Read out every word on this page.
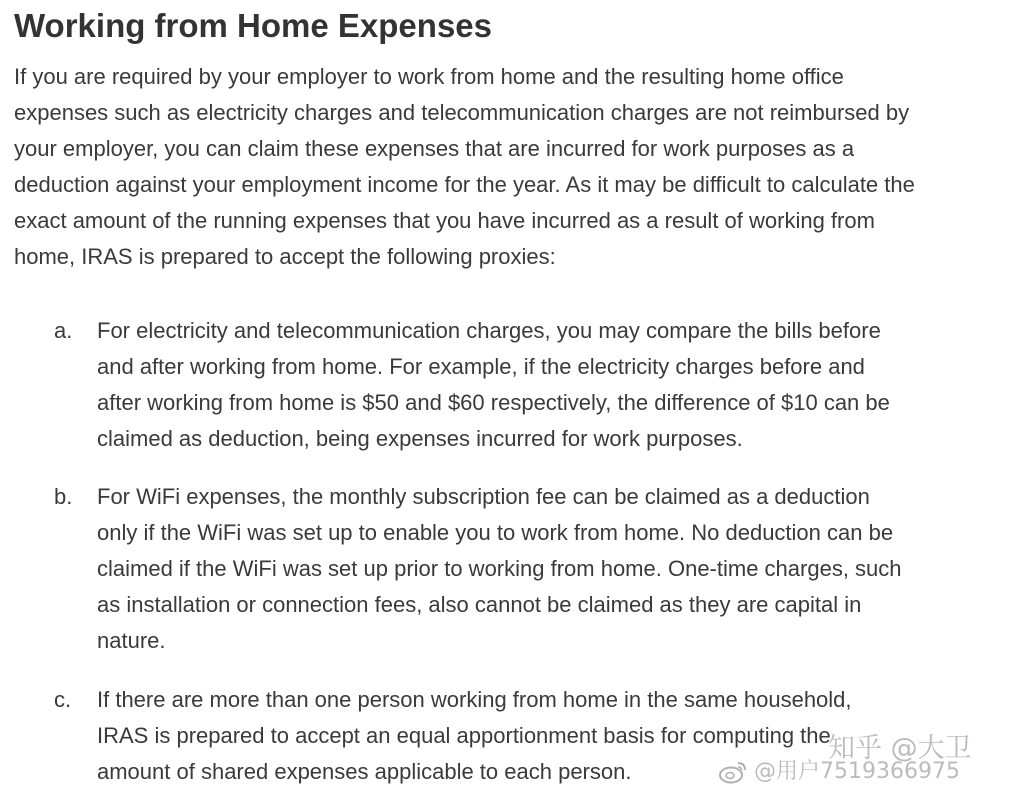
Working from Home Expenses

If you are required by your employer to work from home and the resulting home office

expenses such as electricity charges and telecommunication charges are not reimbursed by

your employer, you can claim these expenses that are incurred for work purposes as a

deduction against your employment income for the year. As it may be difficult to calculate the

exact amount of the running expenses that you have incurred as a result of working from

home, IRAS is prepared to accept the following proxies:

a. For electricity and telecommunication charges, you may compare the bills before
and after working from home. For example, if the electricity charges before and
after working from home is $50 and $60 respectively, the difference of $10 can be
claimed as deduction, being expenses incurred for work purposes.
b. For WiFi expenses, the monthly subscription fee can be claimed as a deduction
only if the WiFi was set up to enable you to work from home. No deduction can be
claimed if the WiFi was set up prior to working from home. One-time charges, such
as installation or connection fees, also cannot be claimed as they are capital in
nature.
c. If there are more than one person working from home in the same household,
IRAS is prepared to accept an equal apportionment basis for computing the
amount of shared expenses applicable to each person.
知乎 @大卫
@用户7519366975
